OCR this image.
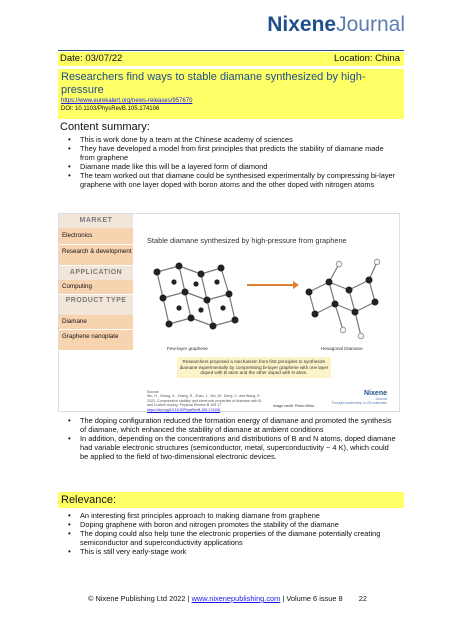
NixeneJournal
Date: 03/07/22	Location: China
Researchers find ways to stable diamane synthesized by high-pressure
https://www.eurekalert.org/news-releases/957670
DOI: 10.1103/PhysRevB.105.174106
Content summary:
• This is work done by a team at the Chinese academy of sciences
• They have developed a model from first principles that predicts the stability of diamane made from graphene
• Diamane made like this will be a layered form of diamond
• The team worked out that diamane could be synthesised experimentally by compressing bi-layer graphene with one layer doped with boron atoms and the other doped with nitrogen atoms
MARKET
Electronics
Research & development
APPLICATION
Computing
PRODUCT TYPE
Diamane
Graphene nanoplate
Stable diamane synthesized by high-pressure from graphene
Few-layer graphene	Hexagonal Diamane
Researchers proposed a mechanism from first principles to synthesize diamane experimentally by compressing bi-layer graphene with one layer doped with B atom and the other doped with N atom.
Source:
Wu, H., Zhang, X., Zhang, R., Zhao, J., Wu, W., Deng, C. and Wang, K. 2022. Compressive stability and electronic properties of diamane with B- and N-atom doping. Physical Review B 105 17
https://doi.org/10.1103/PhysRevB.105.174106
Image credit: Pedro Medo
Nixene
Journal
Thought leadership in 2D materials
• The doping configuration reduced the formation energy of diamane and promoted the synthesis of diamane, which enhanced the stability of diamane at ambient conditions
• In addition, depending on the concentrations and distributions of B and N atoms, doped diamane had variable electronic structures (semiconductor, metal, superconductivity ~ 4 K), which could be applied to the field of two-dimensional electronic devices.
Relevance:
• An interesting first principles approach to making diamane from graphene
• Doping graphene with boron and nitrogen promotes the stability of the diamane
• The doping could also help tune the electronic properties of the diamane potentially creating semiconductor and superconductivity applications
• This is still very early-stage work
© Nixene Publishing Ltd 2022 | www.nixenepublishing.com | Volume 6 issue 8 22
